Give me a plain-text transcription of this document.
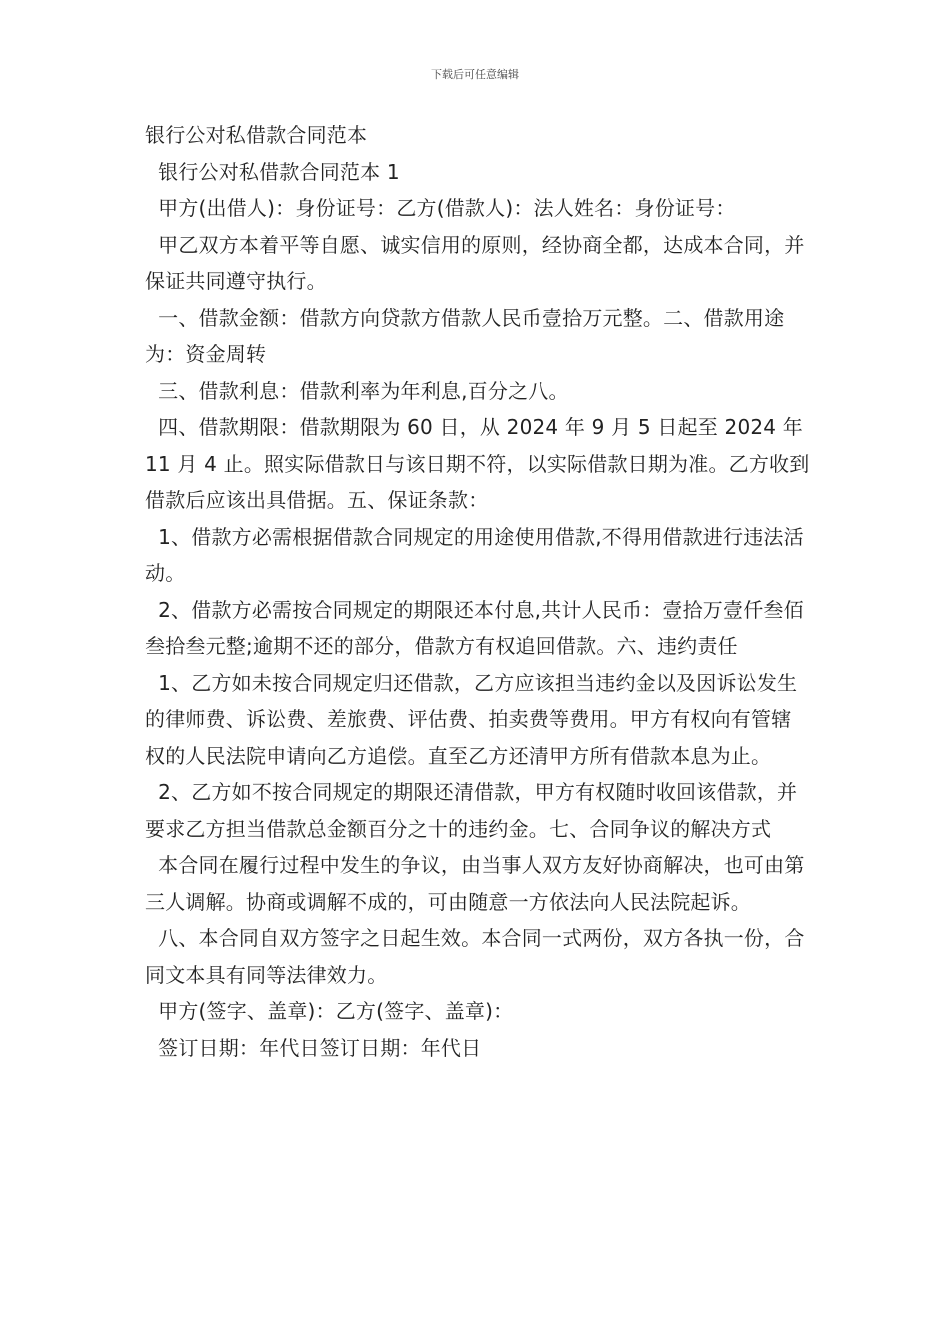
下载后可任意编辑

银行公对私借款合同范本

银行公对私借款合同范本 1

甲方(出借人)：身份证号：乙方(借款人)：法人姓名：身份证号：

甲乙双方本着平等自愿、诚实信用的原则，经协商全都，达成本合同，并保证共同遵守执行。

一、借款金额：借款方向贷款方借款人民币壹拾万元整。二、借款用途为：资金周转

三、借款利息：借款利率为年利息,百分之八。

四、借款期限：借款期限为 60 日，从 2024 年 9 月 5 日起至 2024 年 11 月 4 止。照实际借款日与该日期不符，以实际借款日期为准。乙方收到借款后应该出具借据。五、保证条款：

1、借款方必需根据借款合同规定的用途使用借款,不得用借款进行违法活动。

2、借款方必需按合同规定的期限还本付息,共计人民币：壹拾万壹仟叁佰叁拾叁元整;逾期不还的部分，借款方有权追回借款。六、违约责任

1、乙方如未按合同规定归还借款，乙方应该担当违约金以及因诉讼发生的律师费、诉讼费、差旅费、评估费、拍卖费等费用。甲方有权向有管辖权的人民法院申请向乙方追偿。直至乙方还清甲方所有借款本息为止。

2、乙方如不按合同规定的期限还清借款，甲方有权随时收回该借款，并要求乙方担当借款总金额百分之十的违约金。七、合同争议的解决方式

本合同在履行过程中发生的争议，由当事人双方友好协商解决，也可由第三人调解。协商或调解不成的，可由随意一方依法向人民法院起诉。

八、本合同自双方签字之日起生效。本合同一式两份，双方各执一份，合同文本具有同等法律效力。

甲方(签字、盖章)：乙方(签字、盖章)：

签订日期：年代日签订日期：年代日
